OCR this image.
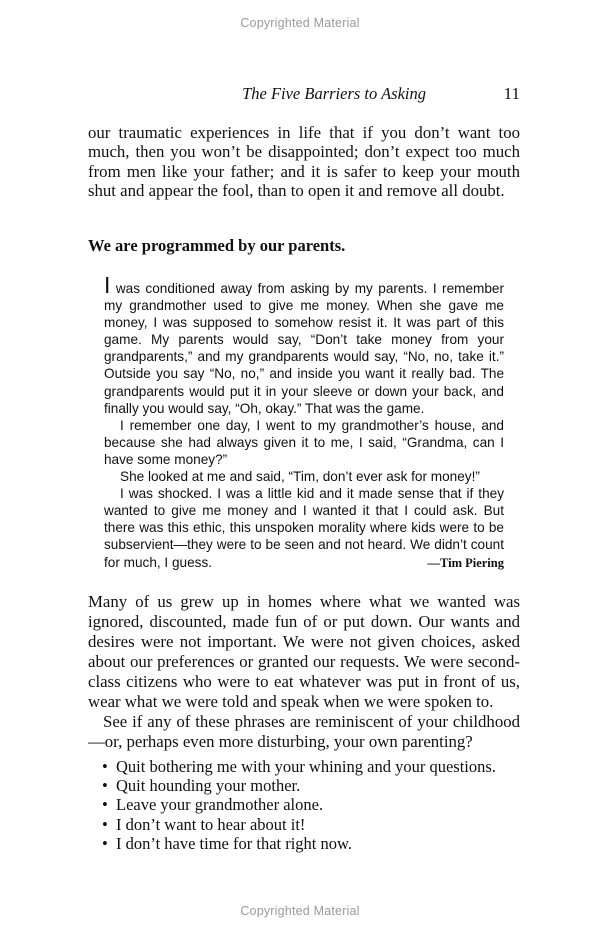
Copyrighted Material
The Five Barriers to Asking	11

our traumatic experiences in life that if you don’t want too much, then you won’t be disappointed; don’t expect too much from men like your father; and it is safer to keep your mouth shut and appear the fool, than to open it and remove all doubt.

We are programmed by our parents.

I was conditioned away from asking by my parents. I remember my grandmother used to give me money. When she gave me money, I was supposed to somehow resist it. It was part of this game. My parents would say, “Don’t take money from your grandparents,” and my grandparents would say, “No, no, take it.” Outside you say “No, no,” and inside you want it really bad. The grandparents would put it in your sleeve or down your back, and finally you would say, “Oh, okay.” That was the game.

I remember one day, I went to my grandmother’s house, and because she had always given it to me, I said, “Grandma, can I have some money?”

She looked at me and said, “Tim, don’t ever ask for money!”

I was shocked. I was a little kid and it made sense that if they wanted to give me money and I wanted it that I could ask. But there was this ethic, this unspoken morality where kids were to be subservient—they were to be seen and not heard. We didn’t count for much, I guess.	—Tim Piering

Many of us grew up in homes where what we wanted was ignored, discounted, made fun of or put down. Our wants and desires were not important. We were not given choices, asked about our preferences or granted our requests. We were second-class citizens who were to eat whatever was put in front of us, wear what we were told and speak when we were spoken to.

See if any of these phrases are reminiscent of your childhood—or, perhaps even more disturbing, your own parenting?

• Quit bothering me with your whining and your questions.
• Quit hounding your mother.
• Leave your grandmother alone.
• I don’t want to hear about it!
• I don’t have time for that right now.
Copyrighted Material
